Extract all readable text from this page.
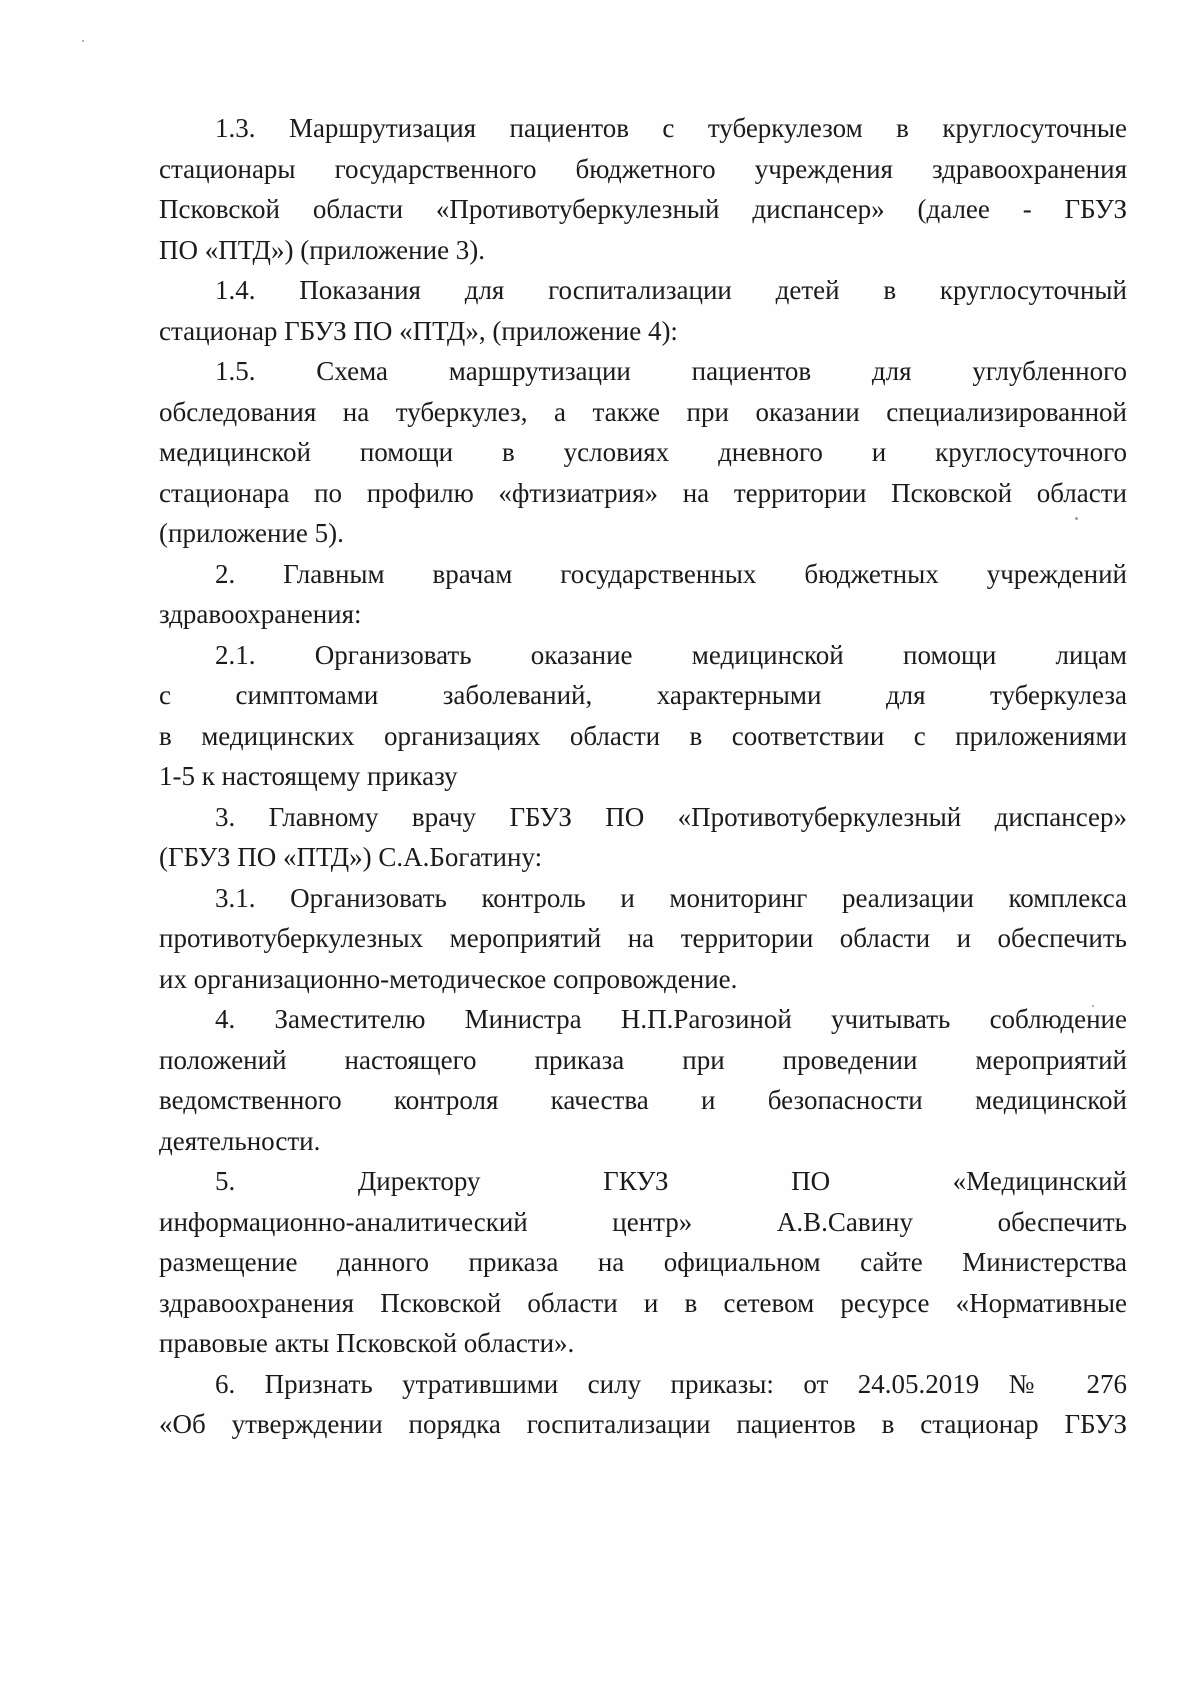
1.3. Маршрутизация пациентов с туберкулезом в круглосуточные
стационары государственного бюджетного учреждения здравоохранения
Псковской области «Противотуберкулезный диспансер» (далее - ГБУЗ
ПО «ПТД») (приложение 3).
1.4. Показания для госпитализации детей в круглосуточный
стационар ГБУЗ ПО «ПТД», (приложение 4):
1.5. Схема маршрутизации пациентов для углубленного
обследования на туберкулез, а также при оказании специализированной
медицинской помощи в условиях дневного и круглосуточного
стационара по профилю «фтизиатрия» на территории Псковской области
(приложение 5).
2. Главным врачам государственных бюджетных учреждений
здравоохранения:
2.1. Организовать оказание медицинской помощи лицам
с симптомами заболеваний, характерными для туберкулеза
в медицинских организациях области в соответствии с приложениями
1-5 к настоящему приказу
3. Главному врачу ГБУЗ ПО «Противотуберкулезный диспансер»
(ГБУЗ ПО «ПТД») С.А.Богатину:
3.1. Организовать контроль и мониторинг реализации комплекса
противотуберкулезных мероприятий на территории области и обеспечить
их организационно-методическое сопровождение.
4. Заместителю Министра Н.П.Рагозиной учитывать соблюдение
положений настоящего приказа при проведении мероприятий
ведомственного контроля качества и безопасности медицинской
деятельности.
5. Директору ГКУЗ ПО «Медицинский
информационно-аналитический центр» А.В.Савину обеспечить
размещение данного приказа на официальном сайте Министерства
здравоохранения Псковской области и в сетевом ресурсе «Нормативные
правовые акты Псковской области».
6. Признать утратившими силу приказы: от 24.05.2019 № 276
«Об утверждении порядка госпитализации пациентов в стационар ГБУЗ
